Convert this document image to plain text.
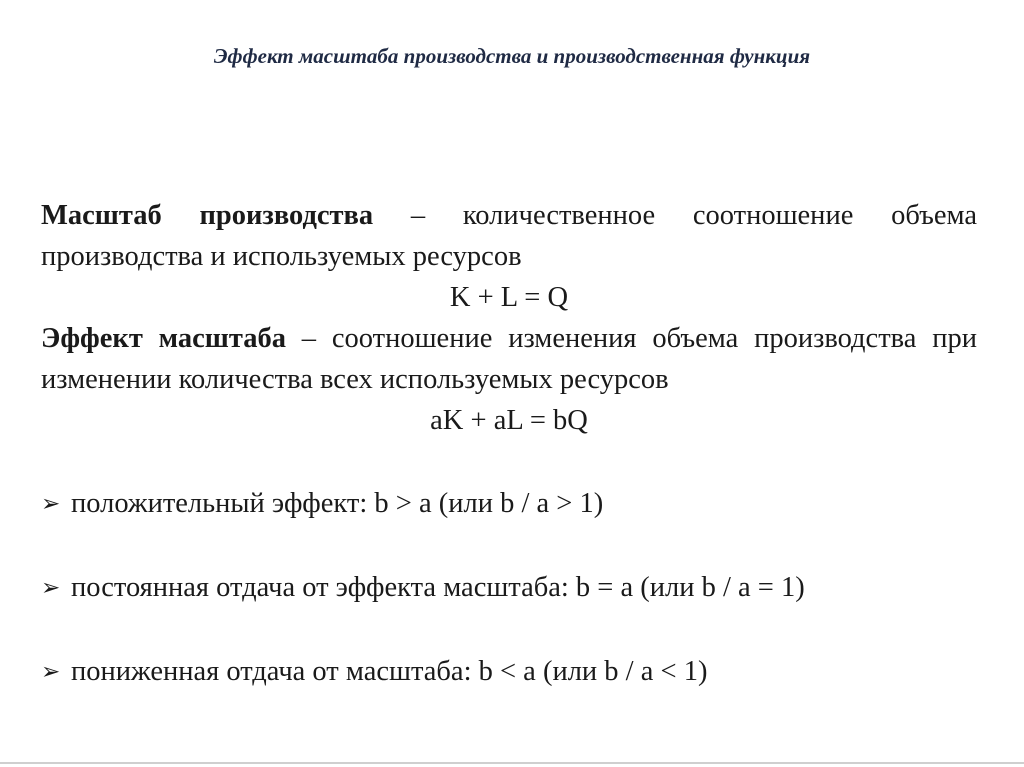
Эффект масштаба производства и производственная функция
Масштаб производства – количественное соотношение объема производства и используемых ресурсов
K + L = Q
Эффект масштаба – соотношение изменения объема производства при изменении количества всех используемых ресурсов
aK + aL = bQ
➢ положительный эффект: b > a (или b / a > 1)
➢ постоянная отдача от эффекта масштаба: b = a (или b / a = 1)
➢ пониженная отдача от масштаба: b < a (или b / a < 1)
